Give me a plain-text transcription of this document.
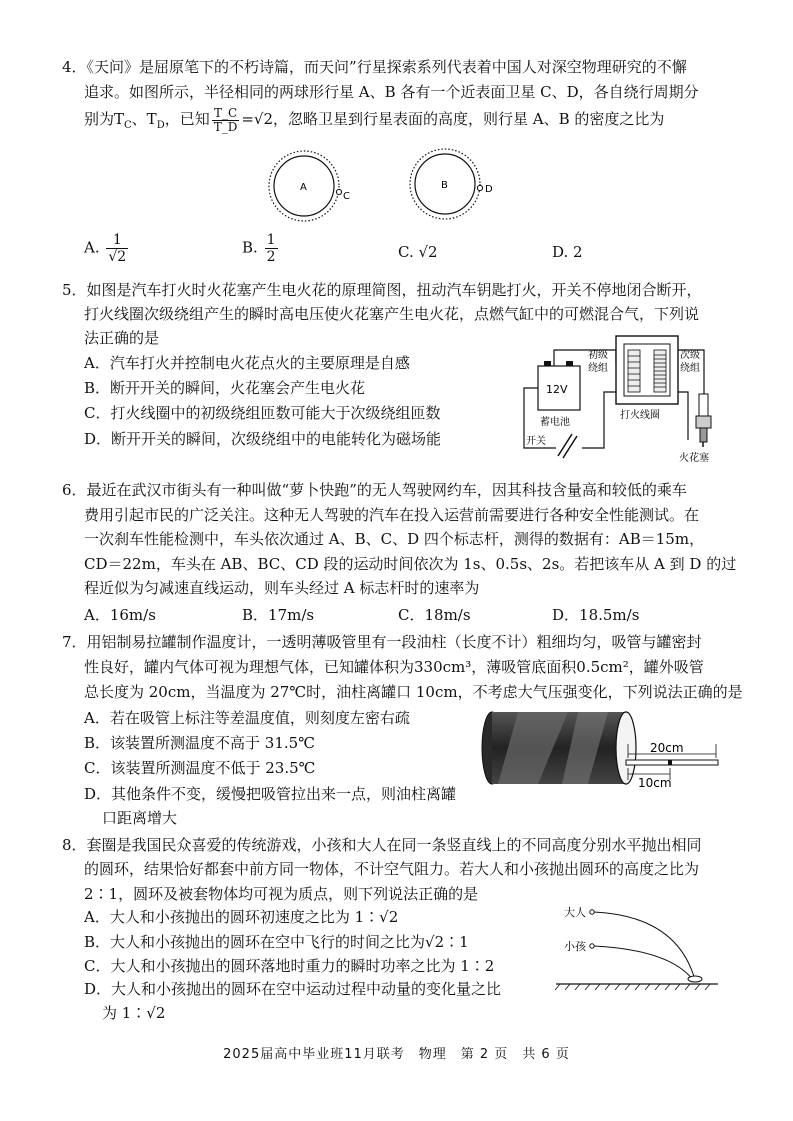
4．《天问》是屈原笔下的不朽诗篇，而天问”行星探索系列代表着中国人对深空物理研究的不懈
追求。如图所示，半径相同的两球形行星 A、B 各有一个近表面卫星 C、D，各自绕行周期分
别为$T_C$、$T_D$，已知 $\frac{T\_C}{T\_D} =√2$，忽略卫星到行星表面的高度，则行星 A、B 的密度之比为
A
C
B	D
A. $\frac{1}{√2}$	B. $\frac{1}{2}$	C. √2	D. 2
5．如图是汽车打火时火花塞产生电火花的原理简图，扭动汽车钥匙打火，开关不停地闭合断开，
打火线圈次级绕组产生的瞬时高电压使火花塞产生电火花，点燃气缸中的可燃混合气，下列说
法正确的是
A．汽车打火并控制电火花点火的主要原理是自感
B．断开开关的瞬间，火花塞会产生电火花
C．打火线圈中的初级绕组匝数可能大于次级绕组匝数
D．断开开关的瞬间，次级绕组中的电能转化为磁场能
12V
蓄电池
开关
初级
绕组
次级
绕组
打火线圈
火花塞
6．最近在武汉市街头有一种叫做“萝卜快跑”的无人驾驶网约车，因其科技含量高和较低的乘车
费用引起市民的广泛关注。这种无人驾驶的汽车在投入运营前需要进行各种安全性能测试。在
一次刹车性能检测中，车头依次通过 A、B、C、D 四个标志杆，测得的数据有：AB＝15m，
CD＝22m，车头在 AB、BC、CD 段的运动时间依次为 1s、0.5s、2s。若把该车从 A 到 D 的过
程近似为匀减速直线运动，则车头经过 A 标志杆时的速率为
A．16m/s	B．17m/s	C．18m/s	D．18.5m/s
7．用铝制易拉罐制作温度计，一透明薄吸管里有一段油柱（长度不计）粗细均匀，吸管与罐密封
性良好，罐内气体可视为理想气体，已知罐体积为330cm³，薄吸管底面积0.5cm²，罐外吸管
总长度为 20cm，当温度为 27℃时，油柱离罐口 10cm，不考虑大气压强变化，下列说法正确的是
A．若在吸管上标注等差温度值，则刻度左密右疏
B．该装置所测温度不高于 31.5℃
C．该装置所测温度不低于 23.5℃
D．其他条件不变，缓慢把吸管拉出来一点，则油柱离罐
口距离增大
20cm
10cm
8．套圈是我国民众喜爱的传统游戏，小孩和大人在同一条竖直线上的不同高度分别水平抛出相同
的圆环，结果恰好都套中前方同一物体，不计空气阻力。若大人和小孩抛出圆环的高度之比为
2∶1，圆环及被套物体均可视为质点，则下列说法正确的是
A．大人和小孩抛出的圆环初速度之比为 1∶√2
B．大人和小孩抛出的圆环在空中飞行的时间之比为√2∶1
C．大人和小孩抛出的圆环落地时重力的瞬时功率之比为 1∶2
D．大人和小孩抛出的圆环在空中运动过程中动量的变化量之比
为 1∶√2
大人
小孩
2025届高中毕业班11月联考　物理　第 2 页　共 6 页
